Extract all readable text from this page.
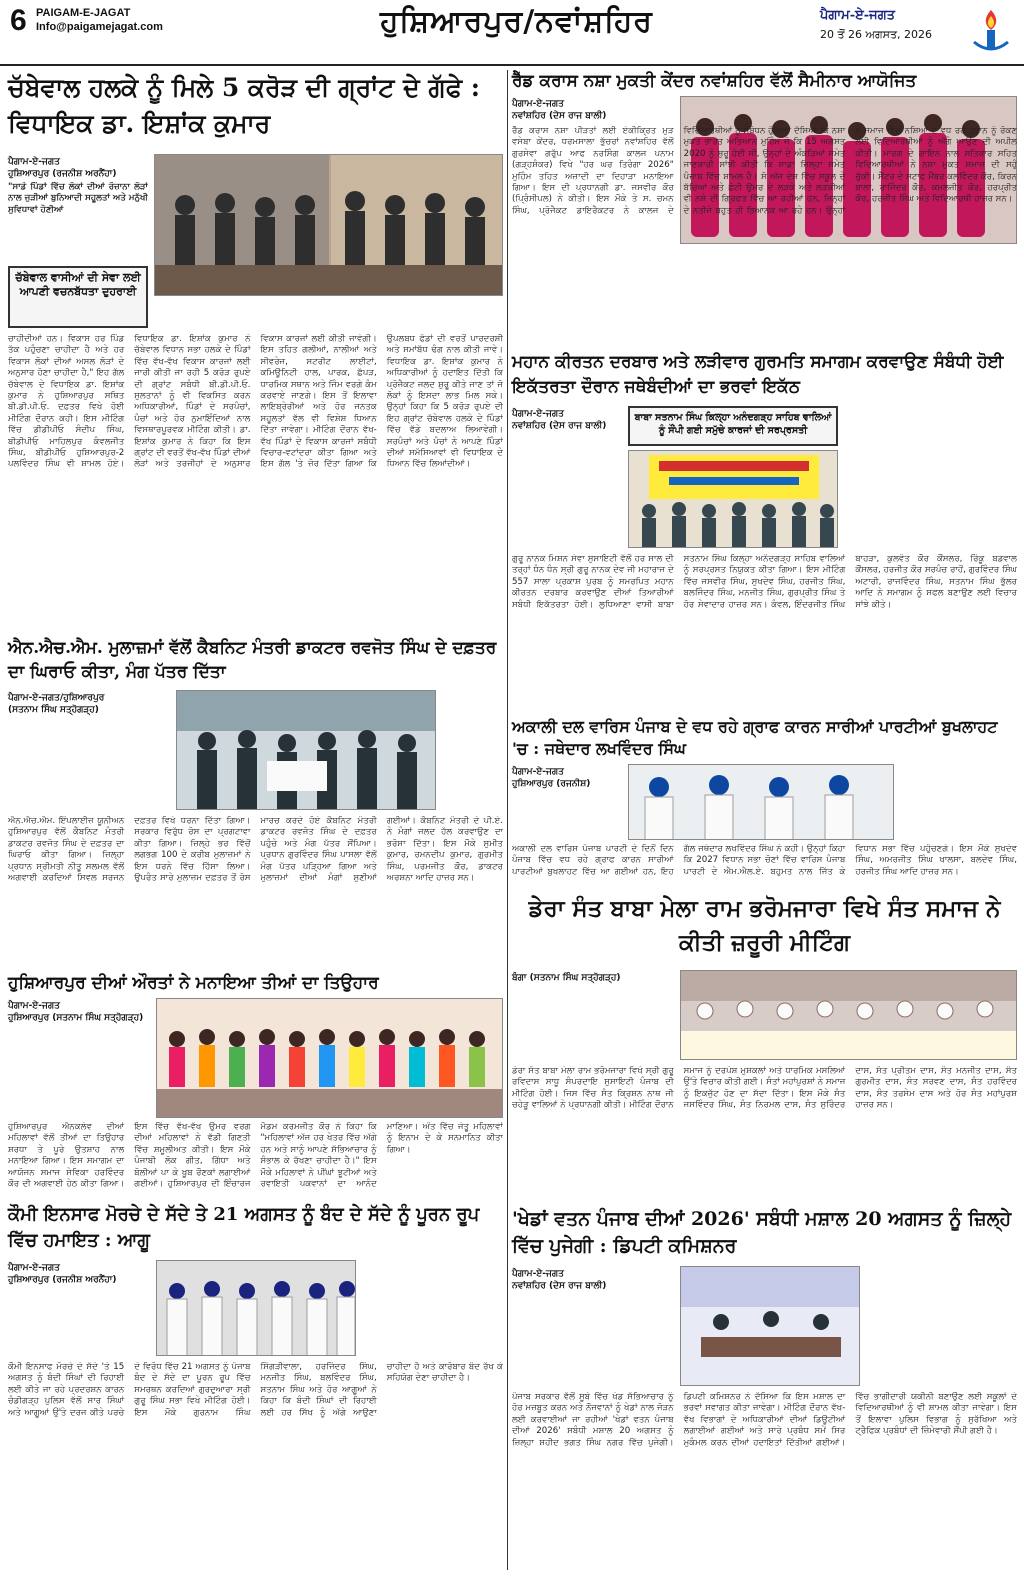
6 PAIGAM-E-JAGAT
Info@paigamejagat.com	ਹੁਸ਼ਿਆਰਪੁਰ/ਨਵਾਂਸ਼ਹਿਰ	ਪੈਗਾਮ-ਏ-ਜਗਤ
20 ਤੋਂ 26 ਅਗਸਤ, 2026
ਚੱਬੇਵਾਲ ਹਲਕੇ ਨੂੰ ਮਿਲੇ 5 ਕਰੋੜ ਦੀ ਗ੍ਰਾਂਟ ਦੇ ਗੱਫੇ : ਵਿਧਾਇਕ ਡਾ. ਇਸ਼ਾਂਕ ਕੁਮਾਰ
ਪੈਗਾਮ-ਏ-ਜਗਤ
ਹੁਸ਼ਿਆਰਪੁਰ (ਰਜਨੀਸ਼ ਅਰਨੈਂਹਾ)
"ਸਾਡੇ ਪਿੰਡਾਂ ਵਿੱਚ ਲੋਕਾਂ ਦੀਆਂ ਰੋਜ਼ਾਨਾ ਲੋੜਾਂ ਨਾਲ ਜੁੜੀਆਂ ਬੁਨਿਆਦੀ ਸਹੂਲਤਾਂ ਅਤੇ ਮਨੁੱਖੀ ਸੁਵਿਧਾਵਾਂ ਹੋਣੀਆਂ
ਚੱਬੇਵਾਲ ਵਾਸੀਆਂ ਦੀ ਸੇਵਾ ਲਈ ਆਪਣੀ ਵਚਨਬੱਧਤਾ ਦੁਹਰਾਈ
ਚਾਹੀਦੀਆਂ ਹਨ। ਵਿਕਾਸ ਹਰ ਪਿੰਡ ਤੱਕ ਪਹੁੰਚਣਾ ਚਾਹੀਦਾ ਹੈ ਅਤੇ ਹਰ ਵਿਕਾਸ ਲੋਕਾਂ ਦੀਆਂ ਅਸਲ ਲੋੜਾਂ ਦੇ ਅਨੁਸਾਰ ਹੋਣਾ ਚਾਹੀਦਾ ਹੈ," ਇਹ ਗੱਲ ਚੱਬੇਵਾਲ ਦੇ ਵਿਧਾਇਕ ਡਾ. ਇਸ਼ਾਂਕ ਕੁਮਾਰ ਨੇ ਹੁਸ਼ਿਆਰਪੁਰ ਸਥਿਤ ਬੀ.ਡੀ.ਪੀ.ਓ. ਦਫ਼ਤਰ ਵਿਖੇ ਹੋਈ ਮੀਟਿੰਗ ਦੌਰਾਨ ਕਹੀ। ਇਸ ਮੀਟਿੰਗ ਵਿੱਚ ਡੀਡੀਪੀਓ ਸੰਦੀਪ ਸਿੰਘ, ਬੀਡੀਪੀਓ ਮਾਹਿਲਪੁਰ ਕੰਵਲਜੀਤ ਸਿੰਘ, ਬੀਡੀਪੀਓ ਹੁਸ਼ਿਆਰਪੁਰ-2 ਪਲਵਿੰਦਰ ਸਿੰਘ ਵੀ ਸ਼ਾਮਲ ਹੋਏ। ਵਿਧਾਇਕ ਡਾ. ਇਸ਼ਾਂਕ ਕੁਮਾਰ ਨੇ ਚੱਬੇਵਾਲ ਵਿਧਾਨ ਸਭਾ ਹਲਕੇ ਦੇ ਪਿੰਡਾਂ ਵਿੱਚ ਵੱਖ-ਵੱਖ ਵਿਕਾਸ ਕਾਰਜਾਂ ਲਈ ਜਾਰੀ ਕੀਤੀ ਜਾ ਰਹੀ 5 ਕਰੋੜ ਰੁਪਏ ਦੀ ਗ੍ਰਾਂਟ ਸਬੰਧੀ ਬੀ.ਡੀ.ਪੀ.ਓ. ਸੁਲਤਾਨਾਂ ਨੂੰ ਵੀ ਵਿਕਸਿਤ ਕਰਨ ਅਧਿਕਾਰੀਆਂ, ਪਿੰਡਾਂ ਦੇ ਸਰਪੰਚਾਂ, ਪੰਚਾਂ ਅਤੇ ਹੋਰ ਨੁਮਾਇੰਦਿਆਂ ਨਾਲ ਵਿਸਥਾਰਪੂਰਵਕ ਮੀਟਿੰਗ ਕੀਤੀ। ਡਾ. ਇਸ਼ਾਂਕ ਕੁਮਾਰ ਨੇ ਕਿਹਾ ਕਿ ਇਸ ਗ੍ਰਾਂਟ ਦੀ ਵਰਤੋਂ ਵੱਖ-ਵੱਖ ਪਿੰਡਾਂ ਦੀਆਂ ਲੋੜਾਂ ਅਤੇ ਤਰਜੀਹਾਂ ਦੇ ਅਨੁਸਾਰ ਵਿਕਾਸ ਕਾਰਜਾਂ ਲਈ ਕੀਤੀ ਜਾਵੇਗੀ। ਇਸ ਤਹਿਤ ਗਲੀਆਂ, ਨਾਲੀਆਂ ਅਤੇ ਸੀਵਰੇਜ, ਸਟਰੀਟ ਲਾਈਟਾਂ, ਕਮਿਊਨਿਟੀ ਹਾਲ, ਪਾਰਕ, ਛੱਪੜ, ਧਾਰਮਿਕ ਸਥਾਨ ਅਤੇ ਜਿੰਮ ਵਰਗੇ ਕੰਮ ਕਰਵਾਏ ਜਾਣਗੇ। ਇਸ ਤੋਂ ਇਲਾਵਾ ਲਾਇਬ੍ਰੇਰੀਆਂ ਅਤੇ ਹੋਰ ਜਨਤਕ ਸਹੂਲਤਾਂ ਵੱਲ ਵੀ ਵਿਸ਼ੇਸ਼ ਧਿਆਨ ਦਿੱਤਾ ਜਾਵੇਗਾ। ਮੀਟਿੰਗ ਦੌਰਾਨ ਵੱਖ-ਵੱਖ ਪਿੰਡਾਂ ਦੇ ਵਿਕਾਸ ਕਾਰਜਾਂ ਸਬੰਧੀ ਵਿਚਾਰ-ਵਟਾਂਦਰਾ ਕੀਤਾ ਗਿਆ ਅਤੇ ਇਸ ਗੱਲ 'ਤੇ ਜ਼ੋਰ ਦਿੱਤਾ ਗਿਆ ਕਿ ਉਪਲਬਧ ਫੰਡਾਂ ਦੀ ਵਰਤੋਂ ਪਾਰਦਰਸ਼ੀ ਅਤੇ ਸਮਾਂਬੱਧ ਢੰਗ ਨਾਲ ਕੀਤੀ ਜਾਵੇ। ਵਿਧਾਇਕ ਡਾ. ਇਸ਼ਾਂਕ ਕੁਮਾਰ ਨੇ ਅਧਿਕਾਰੀਆਂ ਨੂੰ ਹਦਾਇਤ ਦਿੱਤੀ ਕਿ ਪ੍ਰੋਜੈਕਟ ਜਲਦ ਸ਼ੁਰੂ ਕੀਤੇ ਜਾਣ ਤਾਂ ਜੋ ਲੋਕਾਂ ਨੂੰ ਇਸਦਾ ਲਾਭ ਮਿਲ ਸਕੇ। ਉਨ੍ਹਾਂ ਕਿਹਾ ਕਿ 5 ਕਰੋੜ ਰੁਪਏ ਦੀ ਇਹ ਗ੍ਰਾਂਟ ਚੱਬੇਵਾਲ ਹਲਕੇ ਦੇ ਪਿੰਡਾਂ ਵਿੱਚ ਵੱਡੇ ਬਦਲਾਅ ਲਿਆਵੇਗੀ। ਸਰਪੰਚਾਂ ਅਤੇ ਪੰਚਾਂ ਨੇ ਆਪਣੇ ਪਿੰਡਾਂ ਦੀਆਂ ਸਮੱਸਿਆਵਾਂ ਵੀ ਵਿਧਾਇਕ ਦੇ ਧਿਆਨ ਵਿੱਚ ਲਿਆਂਦੀਆਂ।
ਰੈੱਡ ਕਰਾਸ ਨਸ਼ਾ ਮੁਕਤੀ ਕੇਂਦਰ ਨਵਾਂਸ਼ਹਿਰ ਵੱਲੋਂ ਸੈਮੀਨਾਰ ਆਯੋਜਿਤ
ਪੈਗਾਮ-ਏ-ਜਗਤ
ਨਵਾਂਸ਼ਹਿਰ (ਦੇਸ ਰਾਜ ਬਾਲੀ)
ਰੈੱਡ ਕਰਾਸ ਨਸ਼ਾ ਪੀੜਤਾਂ ਲਈ ਏਕੀਕ੍ਰਿਤ ਮੁੜ ਵਸੇਬਾ ਕੇਂਦਰ, ਧਰਮਸਾਲਾ ਭੁੱਚਰਾਂ ਨਵਾਂਸ਼ਹਿਰ ਵੱਲੋਂ ਗੁਰਸੇਵਾ ਗਰੁੱਪ ਆਫ ਨਰਸਿੰਗ ਕਾਲਜ ਪਨਾਮ (ਗੜ੍ਹਸ਼ੰਕਰ) ਵਿਖੇ "ਹਰ ਘਰ ਤਿਰੰਗਾ 2026" ਮੁਹਿੰਮ ਤਹਿਤ ਅਜ਼ਾਦੀ ਦਾ ਦਿਹਾੜਾ ਮਨਾਇਆ ਗਿਆ। ਇਸ ਦੀ ਪ੍ਰਧਾਨਗੀ ਡਾ. ਜਸਵੀਰ ਕੌਰ (ਪ੍ਰਿੰਸੀਪਲ) ਨੇ ਕੀਤੀ। ਇਸ ਮੌਕੇ ਤੇ ਸ. ਚਮਨ ਸਿੰਘ, ਪ੍ਰੋਜੈਕਟ ਡਾਇਰੈਕਟਰ ਨੇ ਕਾਲਜ ਦੇ ਵਿਦਿਆਰਥੀਆਂ ਨੂੰ ਸੰਬੋਧਨ ਹੁੰਦਿਆਂ ਦੱਸਿਆ ਕਿ ਨਸ਼ਾ ਮੁਕਤ ਭਾਰਤ ਅਭਿਆਨ ਮੁਹਿੰਮ ਜੋ ਕਿ 15 ਅਗਸਤ 2020 ਨੂੰ ਸ਼ੁਰੂ ਹੋਈ ਸੀ, ਉਨ੍ਹਾਂ ਦੇ ਅੰਕੜਿਆਂ ਸਮੇਤ ਜਾਣਕਾਰੀ ਸਾਂਝੀ ਕੀਤੀ ਕਿ ਸਾਡਾ ਜ਼ਿਲ੍ਹਾ ਸਮੇਤ ਪੰਜਾਬ ਵਿੱਚ ਸ਼ਾਮਲ ਹੈ। ਸੋ ਅੱਜ ਦੇਸ਼ ਵਿੱਚ ਸਕੂਲ ਦੇ ਬੱਚਿਆਂ ਅਤੇ ਛੋਟੀ ਉਮਰ ਦੇ ਲੜਕੇ ਅਤੇ ਲੜਕੀਆਂ ਵੀ ਨਸ਼ੇ ਦੀ ਗ੍ਰਿਫਤ ਵਿੱਚ ਆ ਰਹੀਆਂ ਹਨ, ਜਿਨ੍ਹਾਂ ਦੇ ਨਤੀਜੇ ਬਹੁਤ ਹੀ ਭਿਆਨਕ ਆ ਰਹੇ ਹਨ। ਉਨ੍ਹਾਂ ਨੇ ਸਮਾਜ ਵਿੱਚ ਨਸ਼ਿਆਂ ਦੇ ਵਧ ਰਹੇ ਰੁਝਾਨ ਨੂੰ ਰੋਕਣ ਲਈ ਵਿਦਿਆਰਥੀਆਂ ਨੂੰ ਅੱਗੇ ਆਉਣ ਦੀ ਅਪੀਲ ਕੀਤੀ। ਮਾਰਗ ਦੇ ਗਾਇਨ ਨਾਲ ਸਤਿਕਾਰ ਸਹਿਤ ਵਿਦਿਆਰਥੀਆਂ ਨੇ ਨਸ਼ਾ ਮੁਕਤ ਸਮਾਜ ਦੀ ਸਹੁੰ ਚੁੱਕੀ। ਸੈਂਟਰ ਦੇ ਸਟਾਫ ਮੈਂਬਰ ਕਲਵਿੰਦਰ ਕੌਰ, ਕਿਰਨ ਬਾਲਾ, ਰਾਜਿੰਦਰ ਕੌਰ, ਕਮਲਜੀਤ ਕੌਰ, ਹਰਪ੍ਰੀਤ ਕੌਰ, ਹਰਜੀਤ ਸਿੰਘ ਅਤੇ ਵਿਦਿਆਰਥੀ ਹਾਜ਼ਰ ਸਨ।
ਮਹਾਨ ਕੀਰਤਨ ਦਰਬਾਰ ਅਤੇ ਲੜੀਵਾਰ ਗੁਰਮਤਿ ਸਮਾਗਮ ਕਰਵਾਉਣ ਸੰਬੰਧੀ ਹੋਈ ਇਕੱਤਰਤਾ ਦੌਰਾਨ ਜਥੇਬੰਦੀਆਂ ਦਾ ਭਰਵਾਂ ਇਕੱਠ
ਪੈਗਾਮ-ਏ-ਜਗਤ
ਨਵਾਂਸ਼ਹਿਰ (ਦੇਸ ਰਾਜ ਬਾਲੀ)
ਬਾਬਾ ਸਤਨਾਮ ਸਿੰਘ ਕਿਲ੍ਹਾ ਅਨੰਦਗੜ੍ਹ ਸਾਹਿਬ ਵਾਲਿਆਂ ਨੂੰ ਸੌਂਪੀ ਗਈ ਸਮੁੱਚੇ ਕਾਰਜਾਂ ਦੀ ਸਰਪ੍ਰਸਤੀ
ਗੁਰੂ ਨਾਨਕ ਮਿਸ਼ਨ ਸੇਵਾ ਸੁਸਾਇਟੀ ਵੱਲੋਂ ਹਰ ਸਾਲ ਦੀ ਤਰ੍ਹਾਂ ਧੰਨ ਧੰਨ ਸ੍ਰੀ ਗੁਰੂ ਨਾਨਕ ਦੇਵ ਜੀ ਮਹਾਰਾਜ ਦੇ 557 ਸਾਲਾ ਪ੍ਰਕਾਸ਼ ਪੁਰਬ ਨੂੰ ਸਮਰਪਿਤ ਮਹਾਨ ਕੀਰਤਨ ਦਰਬਾਰ ਕਰਵਾਉਣ ਦੀਆਂ ਤਿਆਰੀਆਂ ਸਬੰਧੀ ਇਕੱਤਰਤਾ ਹੋਈ। ਲੁਧਿਆਣਾ ਵਾਸੀ ਬਾਬਾ ਸਤਨਾਮ ਸਿੰਘ ਕਿਲ੍ਹਾ ਅਨੰਦਗੜ੍ਹ ਸਾਹਿਬ ਵਾਲਿਆਂ ਨੂੰ ਸਰਪ੍ਰਸਤ ਨਿਯੁਕਤ ਕੀਤਾ ਗਿਆ। ਇਸ ਮੀਟਿੰਗ ਵਿੱਚ ਜਸਵੀਰ ਸਿੰਘ, ਸੁਖਦੇਵ ਸਿੰਘ, ਹਰਜੀਤ ਸਿੰਘ, ਬਲਜਿੰਦਰ ਸਿੰਘ, ਮਨਜੀਤ ਸਿੰਘ, ਗੁਰਪ੍ਰੀਤ ਸਿੰਘ ਤੇ ਹੋਰ ਸੇਵਾਦਾਰ ਹਾਜ਼ਰ ਸਨ। ਕੰਵਲ, ਇੰਦਰਜੀਤ ਸਿੰਘ ਬਾਹੜਾ, ਕੁਲਵੰਤ ਕੌਰ ਕੌਂਸਲਰ, ਰਿੰਕੂ ਬਡਵਾਲ ਕੌਂਸਲਰ, ਹਰਜੀਤ ਕੌਰ ਸਰਪੰਚ ਰਾਹੋਂ, ਗੁਰਵਿੰਦਰ ਸਿੰਘ ਅਟਾਰੀ, ਰਾਜਵਿੰਦਰ ਸਿੰਘ, ਸਤਨਾਮ ਸਿੰਘ ਭੁੱਲਰ ਆਦਿ ਨੇ ਸਮਾਗਮ ਨੂੰ ਸਫਲ ਬਣਾਉਣ ਲਈ ਵਿਚਾਰ ਸਾਂਝੇ ਕੀਤੇ।
ਐਨ.ਐਚ.ਐਮ. ਮੁਲਾਜ਼ਮਾਂ ਵੱਲੋਂ ਕੈਬਨਿਟ ਮੰਤਰੀ ਡਾਕਟਰ ਰਵਜੋਤ ਸਿੰਘ ਦੇ ਦਫ਼ਤਰ ਦਾ ਘਿਰਾਓ ਕੀਤਾ, ਮੰਗ ਪੱਤਰ ਦਿੱਤਾ
ਪੈਗਾਮ-ਏ-ਜਗਤ/ਹੁਸ਼ਿਆਰਪੁਰ
(ਸਤਨਾਮ ਸਿੰਘ ਸਤ੍ਹੋਗੜ੍ਹ)
ਐਨ.ਐਚ.ਐਮ. ਇੰਪਲਾਈਜ਼ ਯੂਨੀਅਨ ਹੁਸ਼ਿਆਰਪੁਰ ਵੱਲੋਂ ਕੈਬਨਿਟ ਮੰਤਰੀ ਡਾਕਟਰ ਰਵਜੋਤ ਸਿੰਘ ਦੇ ਦਫ਼ਤਰ ਦਾ ਘਿਰਾਓ ਕੀਤਾ ਗਿਆ। ਜ਼ਿਲ੍ਹਾ ਪ੍ਰਧਾਨ ਸ੍ਰੀਮਤੀ ਨੀਤੂ ਸਲਮਲ ਵੱਲੋਂ ਅਗਵਾਈ ਕਰਦਿਆਂ ਸਿਵਲ ਸਰਜਨ ਦਫ਼ਤਰ ਵਿਖੇ ਧਰਨਾ ਦਿੱਤਾ ਗਿਆ। ਸਰਕਾਰ ਵਿਰੁੱਧ ਰੋਸ ਦਾ ਪ੍ਰਗਟਾਵਾ ਕੀਤਾ ਗਿਆ। ਜ਼ਿਲ੍ਹੇ ਭਰ ਵਿੱਚੋਂ ਲਗਭਗ 100 ਦੇ ਕਰੀਬ ਮੁਲਾਜ਼ਮਾਂ ਨੇ ਇਸ ਧਰਨੇ ਵਿੱਚ ਹਿੱਸਾ ਲਿਆ। ਉਪਰੰਤ ਸਾਰੇ ਮੁਲਾਜ਼ਮ ਦਫ਼ਤਰ ਤੋਂ ਰੋਸ ਮਾਰਚ ਕਰਦੇ ਹੋਏ ਕੈਬਨਿਟ ਮੰਤਰੀ ਡਾਕਟਰ ਰਵਜੋਤ ਸਿੰਘ ਦੇ ਦਫ਼ਤਰ ਪਹੁੰਚੇ ਅਤੇ ਮੰਗ ਪੱਤਰ ਸੌਂਪਿਆ। ਪ੍ਰਧਾਨ ਗੁਰਵਿੰਦਰ ਸਿੰਘ ਪਾਸਲਾ ਵੱਲੋਂ ਮੰਗ ਪੱਤਰ ਪੜ੍ਹਿਆ ਗਿਆ ਅਤੇ ਮੁਲਾਜ਼ਮਾਂ ਦੀਆਂ ਮੰਗਾਂ ਸੁਣੀਆਂ ਗਈਆਂ। ਕੈਬਨਿਟ ਮੰਤਰੀ ਦੇ ਪੀ.ਏ. ਨੇ ਮੰਗਾਂ ਜਲਦ ਹੱਲ ਕਰਵਾਉਣ ਦਾ ਭਰੋਸਾ ਦਿੱਤਾ। ਇਸ ਮੌਕੇ ਸੁਮੀਤ ਕੁਮਾਰ, ਰਮਨਦੀਪ ਕੁਮਾਰ, ਗੁਰਮੀਤ ਸਿੰਘ, ਪਰਮਜੀਤ ਕੌਰ, ਡਾਕਟਰ ਅਰਸ਼ਨਾ ਆਦਿ ਹਾਜ਼ਰ ਸਨ।
ਅਕਾਲੀ ਦਲ ਵਾਰਿਸ ਪੰਜਾਬ ਦੇ ਵਧ ਰਹੇ ਗ੍ਰਾਫ ਕਾਰਨ ਸਾਰੀਆਂ ਪਾਰਟੀਆਂ ਬੁਖਲਾਹਟ 'ਚ : ਜਥੇਦਾਰ ਲਖਵਿੰਦਰ ਸਿੰਘ
ਪੈਗਾਮ-ਏ-ਜਗਤ
ਹੁਸ਼ਿਆਰਪੁਰ (ਰਜਨੀਸ਼)
ਅਕਾਲੀ ਦਲ ਵਾਰਿਸ ਪੰਜਾਬ ਪਾਰਟੀ ਦੇ ਦਿਨੋਂ ਦਿਨ ਪੰਜਾਬ ਵਿੱਚ ਵਧ ਰਹੇ ਗ੍ਰਾਫ ਕਾਰਨ ਸਾਰੀਆਂ ਪਾਰਟੀਆਂ ਬੁਖਲਾਹਟ ਵਿੱਚ ਆ ਗਈਆਂ ਹਨ, ਇਹ ਗੱਲ ਜਥੇਦਾਰ ਲਖਵਿੰਦਰ ਸਿੰਘ ਨੇ ਕਹੀ। ਉਨ੍ਹਾਂ ਕਿਹਾ ਕਿ 2027 ਵਿਧਾਨ ਸਭਾ ਚੋਣਾਂ ਵਿੱਚ ਵਾਰਿਸ ਪੰਜਾਬ ਪਾਰਟੀ ਦੇ ਐਮ.ਐਲ.ਏ. ਬਹੁਮਤ ਨਾਲ ਜਿੱਤ ਕੇ ਵਿਧਾਨ ਸਭਾ ਵਿੱਚ ਪਹੁੰਚਣਗੇ। ਇਸ ਮੌਕੇ ਸੁਖਦੇਵ ਸਿੰਘ, ਅਮਰਜੀਤ ਸਿੰਘ ਖਾਲਸਾ, ਬਲਦੇਵ ਸਿੰਘ, ਹਰਜੀਤ ਸਿੰਘ ਆਦਿ ਹਾਜ਼ਰ ਸਨ।
ਹੁਸ਼ਿਆਰਪੁਰ ਦੀਆਂ ਔਰਤਾਂ ਨੇ ਮਨਾਇਆ ਤੀਆਂ ਦਾ ਤਿਉਹਾਰ
ਪੈਗਾਮ-ਏ-ਜਗਤ
ਹੁਸ਼ਿਆਰਪੁਰ (ਸਤਨਾਮ ਸਿੰਘ ਸਤ੍ਹੋਗੜ੍ਹ)
ਹੁਸ਼ਿਆਰਪੁਰ ਐਨਕਲੇਵ ਦੀਆਂ ਮਹਿਲਾਵਾਂ ਵੱਲੋਂ ਤੀਆਂ ਦਾ ਤਿਉਹਾਰ ਸ਼ਰਧਾ ਤੇ ਪੂਰੇ ਉਤਸ਼ਾਹ ਨਾਲ ਮਨਾਇਆ ਗਿਆ। ਇਸ ਸਮਾਗਮ ਦਾ ਆਯੋਜਨ ਸਮਾਜ ਸੇਵਿਕਾ ਹਰਵਿੰਦਰ ਕੌਰ ਦੀ ਅਗਵਾਈ ਹੇਠ ਕੀਤਾ ਗਿਆ। ਇਸ ਵਿੱਚ ਵੱਖ-ਵੱਖ ਉਮਰ ਵਰਗ ਦੀਆਂ ਮਹਿਲਾਵਾਂ ਨੇ ਵੱਡੀ ਗਿਣਤੀ ਵਿੱਚ ਸ਼ਮੂਲੀਅਤ ਕੀਤੀ। ਇਸ ਮੌਕੇ ਪੰਜਾਬੀ ਲੋਕ ਗੀਤ, ਗਿੱਧਾ ਅਤੇ ਬੋਲੀਆਂ ਪਾ ਕੇ ਖੂਬ ਰੌਣਕਾਂ ਲਗਾਈਆਂ ਗਈਆਂ। ਹੁਸ਼ਿਆਰਪੁਰ ਦੀ ਇੰਚਾਰਜ ਮੈਡਮ ਕਰਮਜੀਤ ਕੌਰ ਨੇ ਕਿਹਾ ਕਿ "ਮਹਿਲਾਵਾਂ ਅੱਜ ਹਰ ਖੇਤਰ ਵਿੱਚ ਅੱਗੇ ਹਨ ਅਤੇ ਸਾਨੂੰ ਆਪਣੇ ਸੱਭਿਆਚਾਰ ਨੂੰ ਸੰਭਾਲ ਕੇ ਰੱਖਣਾ ਚਾਹੀਦਾ ਹੈ।" ਇਸ ਮੌਕੇ ਮਹਿਲਾਵਾਂ ਨੇ ਪੀਂਘਾਂ ਝੂਟੀਆਂ ਅਤੇ ਰਵਾਇਤੀ ਪਕਵਾਨਾਂ ਦਾ ਆਨੰਦ ਮਾਣਿਆ। ਅੰਤ ਵਿੱਚ ਜੇਤੂ ਮਹਿਲਾਵਾਂ ਨੂੰ ਇਨਾਮ ਦੇ ਕੇ ਸਨਮਾਨਿਤ ਕੀਤਾ ਗਿਆ।
ਡੇਰਾ ਸੰਤ ਬਾਬਾ ਮੇਲਾ ਰਾਮ ਭਰੋਮਜਾਰਾ ਵਿਖੇ ਸੰਤ ਸਮਾਜ ਨੇ ਕੀਤੀ ਜ਼ਰੂਰੀ ਮੀਟਿੰਗ
ਬੰਗਾ (ਸਤਨਾਮ ਸਿੰਘ ਸਤ੍ਹੋਗੜ੍ਹ)
ਡੇਰਾ ਸੰਤ ਬਾਬਾ ਮੇਲਾ ਰਾਮ ਭਰੋਮਜਾਰਾ ਵਿਖੇ ਸ੍ਰੀ ਗੁਰੂ ਰਵਿਦਾਸ ਸਾਧੂ ਸੰਪਰਦਾਇ ਸੁਸਾਇਟੀ ਪੰਜਾਬ ਦੀ ਮੀਟਿੰਗ ਹੋਈ। ਜਿਸ ਵਿੱਚ ਸੰਤ ਕ੍ਰਿਸ਼ਨ ਨਾਥ ਜੀ ਚਹੇੜੂ ਵਾਲਿਆਂ ਨੇ ਪ੍ਰਧਾਨਗੀ ਕੀਤੀ। ਮੀਟਿੰਗ ਦੌਰਾਨ ਸਮਾਜ ਨੂੰ ਦਰਪੇਸ਼ ਮੁਸ਼ਕਲਾਂ ਅਤੇ ਧਾਰਮਿਕ ਮਸਲਿਆਂ ਉੱਤੇ ਵਿਚਾਰ ਕੀਤੀ ਗਈ। ਸੰਤਾਂ ਮਹਾਂਪੁਰਸ਼ਾਂ ਨੇ ਸਮਾਜ ਨੂੰ ਇਕਜੁੱਟ ਹੋਣ ਦਾ ਸੱਦਾ ਦਿੱਤਾ। ਇਸ ਮੌਕੇ ਸੰਤ ਜਸਵਿੰਦਰ ਸਿੰਘ, ਸੰਤ ਨਿਰਮਲ ਦਾਸ, ਸੰਤ ਸੁਰਿੰਦਰ ਦਾਸ, ਸੰਤ ਪ੍ਰੀਤਮ ਦਾਸ, ਸੰਤ ਮਨਜੀਤ ਦਾਸ, ਸੰਤ ਗੁਰਮੀਤ ਦਾਸ, ਸੰਤ ਸਰਵਣ ਦਾਸ, ਸੰਤ ਹਰਵਿੰਦਰ ਦਾਸ, ਸੰਤ ਤਰਸੇਮ ਦਾਸ ਅਤੇ ਹੋਰ ਸੰਤ ਮਹਾਂਪੁਰਸ਼ ਹਾਜ਼ਰ ਸਨ।
ਕੌਮੀ ਇਨਸਾਫ ਮੋਰਚੇ ਦੇ ਸੱਦੇ ਤੇ 21 ਅਗਸਤ ਨੂੰ ਬੰਦ ਦੇ ਸੱਦੇ ਨੂੰ ਪੂਰਨ ਰੂਪ ਵਿੱਚ ਹਮਾਇਤ : ਆਗੂ
ਪੈਗਾਮ-ਏ-ਜਗਤ
ਹੁਸ਼ਿਆਰਪੁਰ (ਰਜਨੀਸ਼ ਅਰਨੈਂਹਾ)
ਕੌਮੀ ਇਨਸਾਫ ਮੋਰਚੇ ਦੇ ਸੱਦੇ 'ਤੇ 15 ਅਗਸਤ ਨੂੰ ਬੰਦੀ ਸਿੰਘਾਂ ਦੀ ਰਿਹਾਈ ਲਈ ਕੀਤੇ ਜਾ ਰਹੇ ਪ੍ਰਦਰਸ਼ਨ ਕਾਰਨ ਚੰਡੀਗੜ੍ਹ ਪੁਲਿਸ ਵੱਲੋਂ ਸਾਰ ਸਿੰਘਾਂ ਅਤੇ ਆਗੂਆਂ ਉੱਤੇ ਦਰਜ ਕੀਤੇ ਪਰਚੇ ਦੇ ਵਿਰੋਧ ਵਿੱਚ 21 ਅਗਸਤ ਨੂੰ ਪੰਜਾਬ ਬੰਦ ਦੇ ਸੱਦੇ ਦਾ ਪੂਰਨ ਰੂਪ ਵਿੱਚ ਸਮਰਥਨ ਕਰਦਿਆਂ ਗੁਰਦੁਆਰਾ ਸ੍ਰੀ ਗੁਰੂ ਸਿੰਘ ਸਭਾ ਵਿਖੇ ਮੀਟਿੰਗ ਹੋਈ। ਇਸ ਮੌਕੇ ਗੁਰਨਾਮ ਸਿੰਘ ਸਿੰਗੜੀਵਾਲਾ, ਹਰਜਿੰਦਰ ਸਿੰਘ, ਮਨਜੀਤ ਸਿੰਘ, ਬਲਵਿੰਦਰ ਸਿੰਘ, ਸਤਨਾਮ ਸਿੰਘ ਅਤੇ ਹੋਰ ਆਗੂਆਂ ਨੇ ਕਿਹਾ ਕਿ ਬੰਦੀ ਸਿੰਘਾਂ ਦੀ ਰਿਹਾਈ ਲਈ ਹਰ ਸਿੱਖ ਨੂੰ ਅੱਗੇ ਆਉਣਾ ਚਾਹੀਦਾ ਹੈ ਅਤੇ ਕਾਰੋਬਾਰ ਬੰਦ ਰੱਖ ਕੇ ਸਹਿਯੋਗ ਦੇਣਾ ਚਾਹੀਦਾ ਹੈ।
'ਖੇਡਾਂ ਵਤਨ ਪੰਜਾਬ ਦੀਆਂ 2026' ਸਬੰਧੀ ਮਸ਼ਾਲ 20 ਅਗਸਤ ਨੂੰ ਜ਼ਿਲ੍ਹੇ ਵਿੱਚ ਪੁਜੇਗੀ : ਡਿਪਟੀ ਕਮਿਸ਼ਨਰ
ਪੈਗਾਮ-ਏ-ਜਗਤ
ਨਵਾਂਸ਼ਹਿਰ (ਦੇਸ ਰਾਜ ਬਾਲੀ)
ਪੰਜਾਬ ਸਰਕਾਰ ਵੱਲੋਂ ਸੂਬੇ ਵਿੱਚ ਖੇਡ ਸੱਭਿਆਚਾਰ ਨੂੰ ਹੋਰ ਮਜ਼ਬੂਤ ਕਰਨ ਅਤੇ ਨੌਜਵਾਨਾਂ ਨੂੰ ਖੇਡਾਂ ਨਾਲ ਜੋੜਨ ਲਈ ਕਰਵਾਈਆਂ ਜਾ ਰਹੀਆਂ 'ਖੇਡਾਂ ਵਤਨ ਪੰਜਾਬ ਦੀਆਂ 2026' ਸਬੰਧੀ ਮਸ਼ਾਲ 20 ਅਗਸਤ ਨੂੰ ਜ਼ਿਲ੍ਹਾ ਸ਼ਹੀਦ ਭਗਤ ਸਿੰਘ ਨਗਰ ਵਿੱਚ ਪੁਜੇਗੀ। ਡਿਪਟੀ ਕਮਿਸ਼ਨਰ ਨੇ ਦੱਸਿਆ ਕਿ ਇਸ ਮਸ਼ਾਲ ਦਾ ਭਰਵਾਂ ਸਵਾਗਤ ਕੀਤਾ ਜਾਵੇਗਾ। ਮੀਟਿੰਗ ਦੌਰਾਨ ਵੱਖ-ਵੱਖ ਵਿਭਾਗਾਂ ਦੇ ਅਧਿਕਾਰੀਆਂ ਦੀਆਂ ਡਿਊਟੀਆਂ ਲਗਾਈਆਂ ਗਈਆਂ ਅਤੇ ਸਾਰੇ ਪ੍ਰਬੰਧ ਸਮੇਂ ਸਿਰ ਮੁਕੰਮਲ ਕਰਨ ਦੀਆਂ ਹਦਾਇਤਾਂ ਦਿੱਤੀਆਂ ਗਈਆਂ। ਵਿੱਚ ਭਾਗੀਦਾਰੀ ਯਕੀਨੀ ਬਣਾਉਣ ਲਈ ਸਕੂਲਾਂ ਦੇ ਵਿਦਿਆਰਥੀਆਂ ਨੂੰ ਵੀ ਸ਼ਾਮਲ ਕੀਤਾ ਜਾਵੇਗਾ। ਇਸ ਤੋਂ ਇਲਾਵਾ ਪੁਲਿਸ ਵਿਭਾਗ ਨੂੰ ਸੁਰੱਖਿਆ ਅਤੇ ਟ੍ਰੈਫਿਕ ਪ੍ਰਬੰਧਾਂ ਦੀ ਜ਼ਿੰਮੇਵਾਰੀ ਸੌਂਪੀ ਗਈ ਹੈ।
